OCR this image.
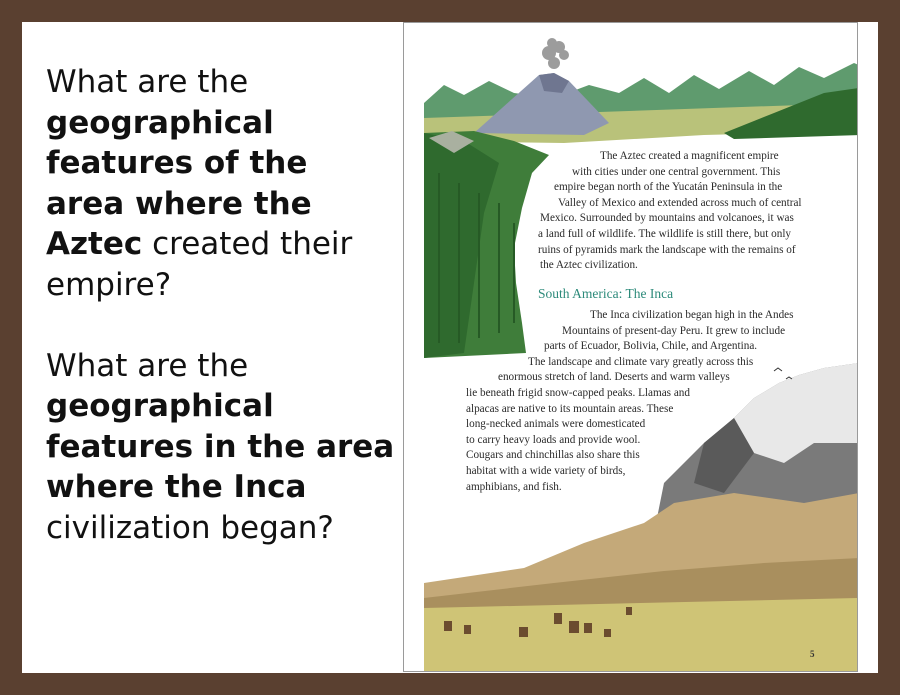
What are the geographical features of the area where the Aztec created their empire?

What are the geographical features in the area where the Inca civilization began?

The Aztec created a magnificent empire
with cities under one central government. This
empire began north of the Yucatán Peninsula in the
Valley of Mexico and extended across much of central
Mexico. Surrounded by mountains and volcanoes, it was
a land full of wildlife. The wildlife is still there, but only
ruins of pyramids mark the landscape with the remains of
the Aztec civilization.
South America: The Inca
The Inca civilization began high in the Andes
Mountains of present-day Peru. It grew to include
parts of Ecuador, Bolivia, Chile, and Argentina.
The landscape and climate vary greatly across this
enormous stretch of land. Deserts and warm valleys
lie beneath frigid snow-capped peaks. Llamas and
alpacas are native to its mountain areas. These
long-necked animals were domesticated
to carry heavy loads and provide wool.
Cougars and chinchillas also share this
habitat with a wide variety of birds,
amphibians, and fish.
5
